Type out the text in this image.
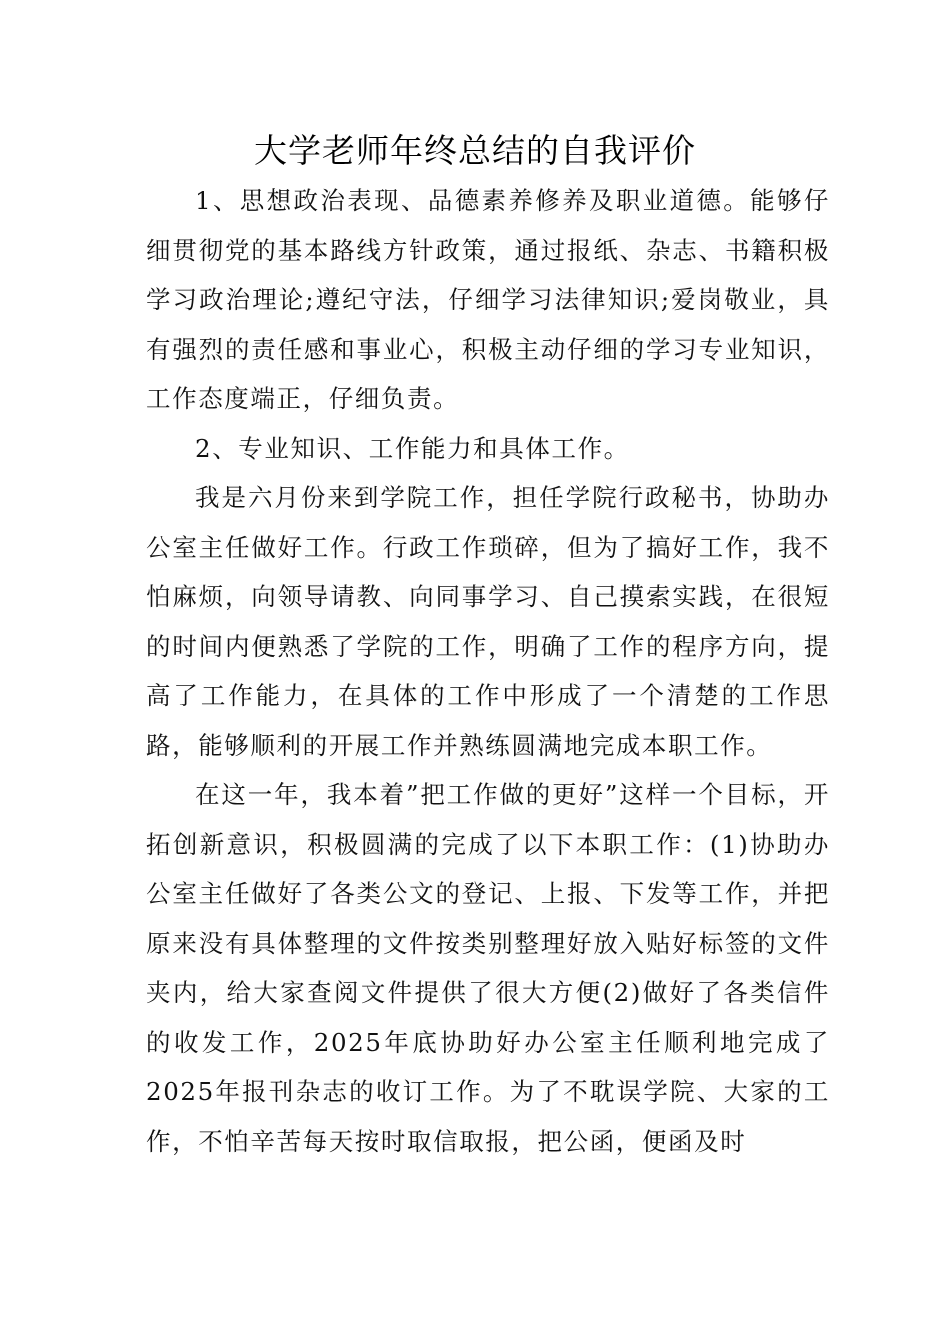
大学老师年终总结的自我评价

1、思想政治表现、品德素养修养及职业道德。能够仔细贯彻党的基本路线方针政策，通过报纸、杂志、书籍积极学习政治理论;遵纪守法，仔细学习法律知识;爱岗敬业，具有强烈的责任感和事业心，积极主动仔细的学习专业知识，工作态度端正，仔细负责。

2、专业知识、工作能力和具体工作。

我是六月份来到学院工作，担任学院行政秘书，协助办公室主任做好工作。行政工作琐碎，但为了搞好工作，我不怕麻烦，向领导请教、向同事学习、自己摸索实践，在很短的时间内便熟悉了学院的工作，明确了工作的程序方向，提高了工作能力，在具体的工作中形成了一个清楚的工作思路，能够顺利的开展工作并熟练圆满地完成本职工作。

在这一年，我本着”把工作做的更好”这样一个目标，开拓创新意识，积极圆满的完成了以下本职工作：(1)协助办公室主任做好了各类公文的登记、上报、下发等工作，并把原来没有具体整理的文件按类别整理好放入贴好标签的文件夹内，给大家查阅文件提供了很大方便(2)做好了各类信件的收发工作，2025年底协助好办公室主任顺利地完成了2025年报刊杂志的收订工作。为了不耽误学院、大家的工作，不怕辛苦每天按时取信取报，把公函，便函及时
